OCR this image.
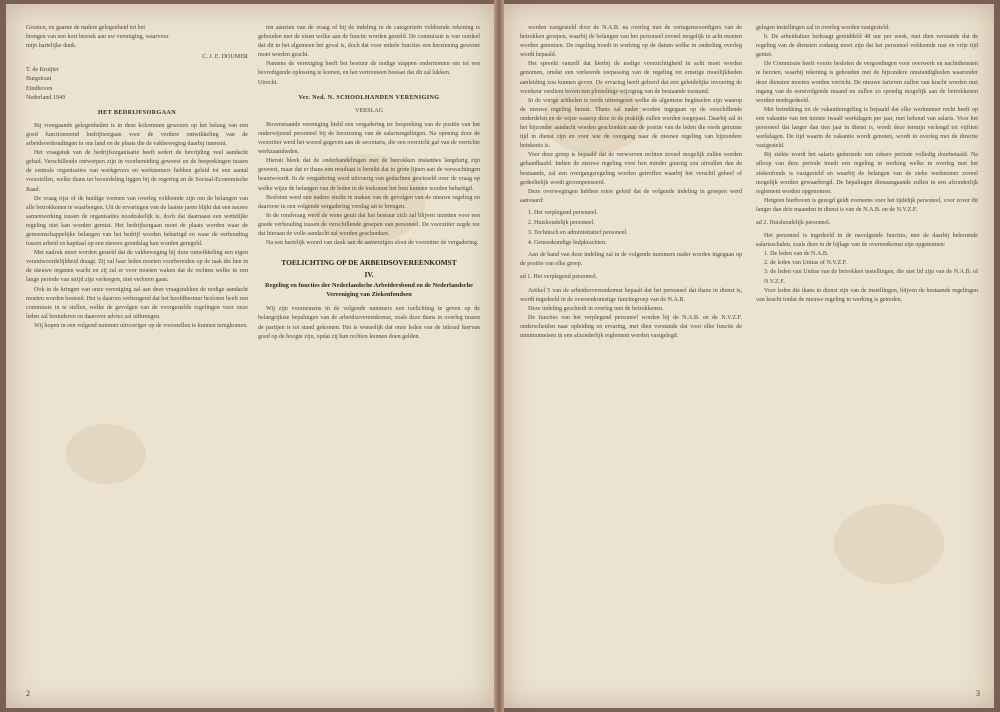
Groeten, en gaarne de nadere gelegenheid tot het

brengen van een kort bezoek aan uw vereniging, waarvoor

mijn hartelijke dank.

C. J. E. DOUMER

T. de Kruijter

Burgstraat

Eindhoven

Nederland 1949

HET BEDRIJFSORGAAN

Bij voorgaande gelegenheden is in deze kolommen gewezen op het belang van een goed functionerend bedrijfsorgaan voor de verdere ontwikkeling van de arbeidsverhoudingen in ons land en de plaats die de vakbeweging daarbij inneemt.

Het vraagstuk van de bedrijfsorganisatie heeft sedert de bevrijding veel aandacht gehad. Verschillende ontwerpen zijn in voorbereiding geweest en de besprekingen tussen de centrale organisaties van werkgevers en werknemers hebben geleid tot een aantal voorstellen, welke thans ter beoordeling liggen bij de regering en de Sociaal-Economische Raad.

De vraag rijst of de huidige vormen van overleg voldoende zijn om de belangen van alle betrokkenen te waarborgen. Uit de ervaringen van de laatste jaren blijkt dat een nauwe samenwerking tussen de organisaties noodzakelijk is, doch dat daarnaast een wettelijke regeling niet kan worden gemist. Het bedrijfsorgaan moet de plaats worden waar de gemeenschappelijke belangen van het bedrijf worden behartigd en waar de verhouding tussen arbeid en kapitaal op een nieuwe grondslag kan worden geregeld.

Met nadruk moet worden gesteld dat de vakbeweging bij deze ontwikkeling een eigen verantwoordelijkheid draagt. Zij zal haar leden moeten voorbereiden op de taak die hen in de nieuwe organen wacht en zij zal er voor moeten waken dat de rechten welke in een lange periode van strijd zijn verkregen, niet verloren gaan.

Ook in de kringen van onze vereniging zal aan deze vraagstukken de nodige aandacht moeten worden besteed. Het is daarom verheugend dat het hoofdbestuur besloten heeft een commissie in te stellen, welke de gevolgen van de voorgestelde regelingen voor onze leden zal bestuderen en daarover advies zal uitbrengen.

Wij hopen in een volgend nummer uitvoeriger op de voorstellen te kunnen terugkomen.

ten aanzien van de vraag of bij de indeling in de categorieën voldoende rekening is gehouden met de eisen welke aan de functie worden gesteld. De commissie is van oordeel dat dit in het algemeen het geval is, doch dat voor enkele functies een herziening gewenst moet worden geacht.

Namens de vereniging heeft het bestuur de nodige stappen ondernomen om tot een bevredigende oplossing te komen, en het vertrouwen bestaat dat dit zal lukken.

Utrecht.

Ver. Ned. N. SCHOOLHANDEN VERENIGING

VERSLAG

Bovenstaande vereniging hield een vergadering ter bespreking van de positie van het onderwijzend personeel bij de herziening van de salarisregelingen. Na opening door de voorzitter werd het woord gegeven aan de secretaris, die een overzicht gaf van de verrichte werkzaamheden.

Hieruit bleek dat de onderhandelingen met de betrokken instanties langdurig zijn geweest, maar dat er thans een resultaat is bereikt dat in grote lijnen aan de verwachtingen beantwoordt. In de vergadering werd uitvoerig van gedachten gewisseld over de vraag op welke wijze de belangen van de leden in de toekomst het best kunnen worden behartigd.

Besloten werd een nadere studie te maken van de gevolgen van de nieuwe regeling en daarover in een volgende vergadering verslag uit te brengen.

In de rondvraag werd de wens geuit dat het bestuur zich zal blijven inzetten voor een goede verhouding tussen de verschillende groepen van personeel. De voorzitter zegde toe dat hieraan de volle aandacht zal worden geschonken.

Na een hartelijk woord van dank aan de aanwezigen sloot de voorzitter de vergadering.

TOELICHTING OP DE ARBEIDSOVEREENKOMST

IV.

Regeling en functies der Nederlandsche Arbeidersbond en de Nederlandsche Vereeniging van Ziekenfondsen

Wij zijn voornemens in de volgende nummers een toelichting te geven op de belangrijkste bepalingen van de arbeidsovereenkomst, zoals deze thans in overleg tussen de partijen is tot stand gekomen. Het is wenselijk dat onze leden van de inhoud hiervan goed op de hoogte zijn, opdat zij hun rechten kunnen doen gelden.

2

worden vastgesteld door de N.A.B. na overleg met de vertegenwoordigers van de betrokken groepen, waarbij de belangen van het personeel zoveel mogelijk in acht moeten worden genomen. De regeling treedt in werking op de datum welke in onderling overleg wordt bepaald.

Het spreekt vanzelf dat hierbij de nodige voorzichtigheid in acht moet worden genomen, omdat een verkeerde toepassing van de regeling tot ernstige moeilijkheden aanleiding zou kunnen geven. De ervaring heeft geleerd dat een geleidelijke invoering de voorkeur verdient boven een plotselinge wijziging van de bestaande toestand.

In de vorige artikelen is reeds uiteengezet welke de algemene beginselen zijn waarop de nieuwe regeling berust. Thans zal nader worden ingegaan op de verschillende onderdelen en de wijze waarop deze in de praktijk zullen worden toegepast. Daarbij zal in het bijzonder aandacht worden geschonken aan de positie van de leden die reeds geruime tijd in dienst zijn en voor wie de overgang naar de nieuwe regeling van bijzondere betekenis is.

Voor deze groep is bepaald dat de verworven rechten zoveel mogelijk zullen worden gehandhaafd. Indien de nieuwe regeling voor hen minder gunstig zou uitvallen dan de bestaande, zal een overgangsregeling worden getroffen waarbij het verschil geheel of gedeeltelijk wordt gecompenseerd.

Deze overwegingen hebben ertoe geleid dat de volgende indeling in groepen werd aanvaard:

1. Het verplegend personeel.
2. Huishoudelijk personeel.
3. Technisch en administratief personeel.
4. Geneeskundige hulpkrachten.

Aan de hand van deze indeling zal in de volgende nummers nader worden ingegaan op de positie van elke groep.

ad 1. Het verplegend personeel.

Artikel 5 van de arbeidsovereenkomst bepaalt dat het personeel dat thans in dienst is, wordt ingedeeld in de overeenkomstige functiegroep van de N.A.B.

Deze indeling geschiedt in overleg met de betrokkenen.

De functies van het verplegend personeel worden bij de N.A.B. en de N.V.Z.F. onderscheiden naar opleiding en ervaring, met dien verstande dat voor elke functie de minimumeisen in een afzonderlijk reglement worden vastgelegd.

gelegen instellingen zal in overleg worden vastgesteld.

b. De arbeidsduur bedraagt gemiddeld 48 uur per week, met dien verstande dat de regeling van de diensten zodanig moet zijn dat het personeel voldoende rust en vrije tijd geniet.

De Commissie heeft voorts besloten de vergoedingen voor overwerk en nachtdiensten te herzien, waarbij rekening is gehouden met de bijzondere omstandigheden waaronder deze diensten moeten worden verricht. De nieuwe tarieven zullen van kracht worden met ingang van de eerstvolgende maand en zullen zo spoedig mogelijk aan de betrokkenen worden medegedeeld.

Met betrekking tot de vakantieregeling is bepaald dat elke werknemer recht heeft op een vakantie van ten minste twaalf werkdagen per jaar, met behoud van salaris. Voor het personeel dat langer dan tien jaar in dienst is, wordt deze termijn verlengd tot vijftien werkdagen. De tijd waarin de vakantie wordt genoten, wordt in overleg met de directie vastgesteld.

Bij ziekte wordt het salaris gedurende een zekere periode volledig doorbetaald. Na afloop van deze periode treedt een regeling in werking welke in overleg met het ziekenfonds is vastgesteld en waarbij de belangen van de zieke werknemer zoveel mogelijk worden gewaarborgd. De bepalingen dienaangaande zullen in een afzonderlijk reglement worden opgenomen.

Hetgeen hierboven is gezegd geldt eveneens voor het tijdelijk personeel, voor zover dit langer dan drie maanden in dienst is van de N.A.B. en de N.V.Z.F.

ad 2. Huishoudelijk personeel.

Het personeel is ingedeeld in de navolgende functies, met de daarbij behorende salarisschalen, zoals deze in de bijlage van de overeenkomst zijn opgenomen:

1. De leden van de N.A.B.

2. de leden van Unitas of N.V.Z.F.

3. de leden van Unitas van de betrokken instellingen, die niet lid zijn van de N.A.B. of N.V.Z.F.

Voor leden die thans in dienst zijn van de instellingen, blijven de bestaande regelingen van kracht totdat de nieuwe regeling in werking is getreden.

3
